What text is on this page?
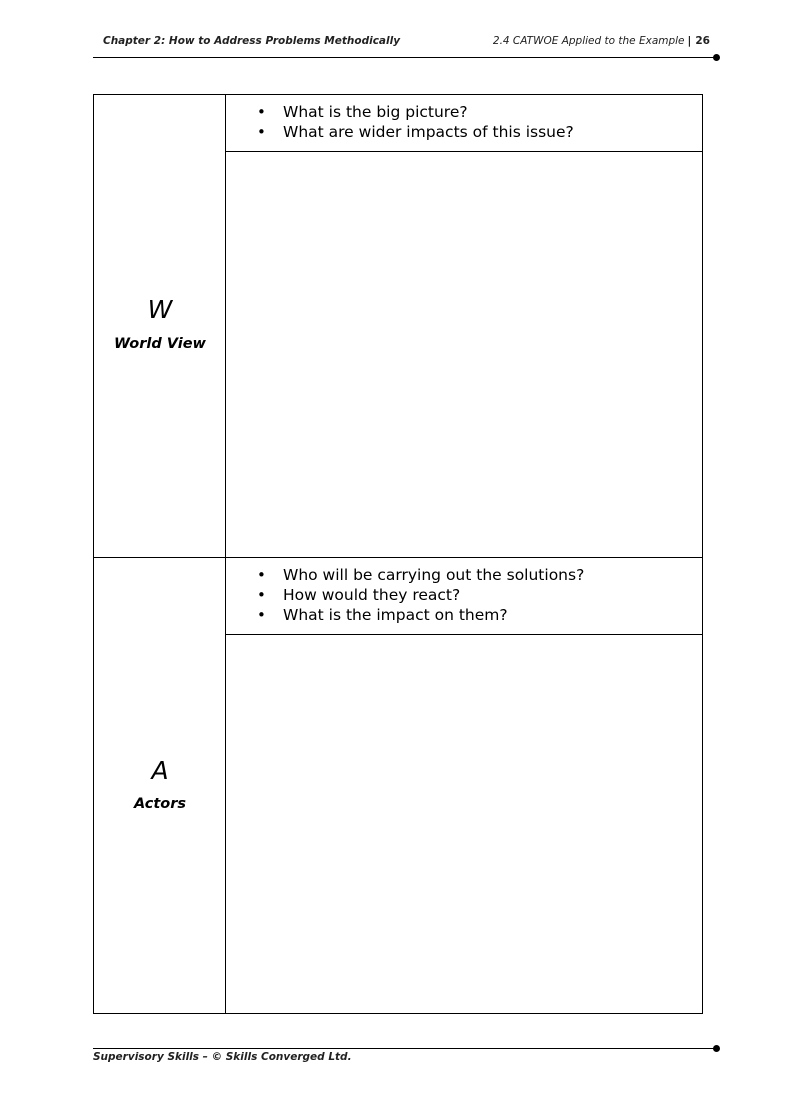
Chapter 2: How to Address Problems Methodically	2.4 CATWOE Applied to the Example | 26
W
World View
• What is the big picture?
• What are wider impacts of this issue?
A
Actors
• Who will be carrying out the solutions?
• How would they react?
• What is the impact on them?
Supervisory Skills – © Skills Converged Ltd.
